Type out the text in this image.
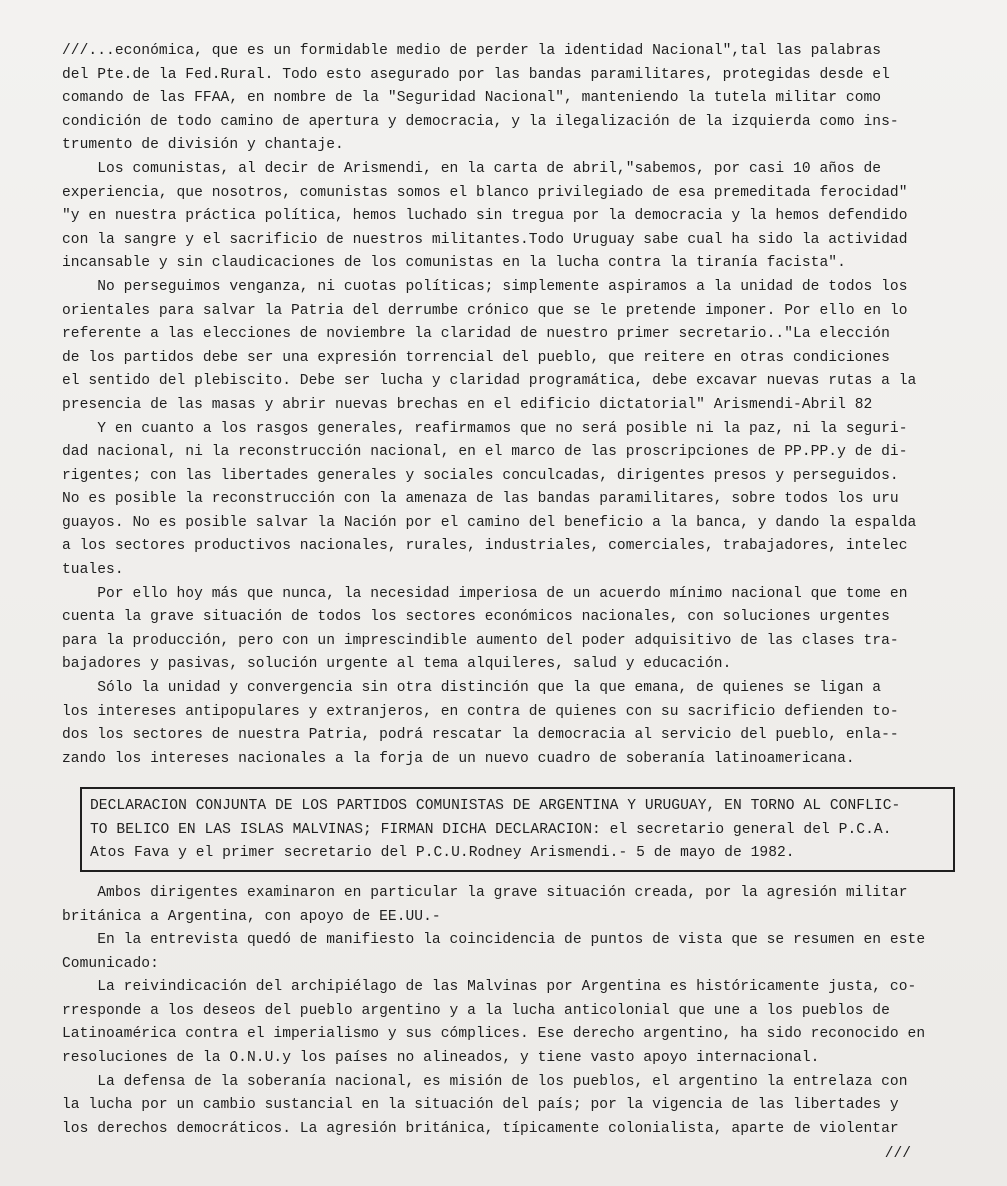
///...económica, que es un formidable medio de perder la identidad Nacional",tal las palabras
del Pte.de la Fed.Rural. Todo esto asegurado por las bandas paramilitares, protegidas desde el
comando de las FFAA, en nombre de la "Seguridad Nacional", manteniendo la tutela militar como
condición de todo camino de apertura y democracia, y la ilegalización de la izquierda como ins-
trumento de división y chantaje.
Los comunistas, al decir de Arismendi, en la carta de abril,"sabemos, por casi 10 años de
experiencia, que nosotros, comunistas somos el blanco privilegiado de esa premeditada ferocidad"
"y en nuestra práctica política, hemos luchado sin tregua por la democracia y la hemos defendido
con la sangre y el sacrificio de nuestros militantes.Todo Uruguay sabe cual ha sido la actividad
incansable y sin claudicaciones de los comunistas en la lucha contra la tiranía facista".
No perseguimos venganza, ni cuotas políticas; simplemente aspiramos a la unidad de todos los
orientales para salvar la Patria del derrumbe crónico que se le pretende imponer. Por ello en lo
referente a las elecciones de noviembre la claridad de nuestro primer secretario.."La elección
de los partidos debe ser una expresión torrencial del pueblo, que reitere en otras condiciones
el sentido del plebiscito. Debe ser lucha y claridad programática, debe excavar nuevas rutas a la
presencia de las masas y abrir nuevas brechas en el edificio dictatorial" Arismendi-Abril 82
Y en cuanto a los rasgos generales, reafirmamos que no será posible ni la paz, ni la seguri-
dad nacional, ni la reconstrucción nacional, en el marco de las proscripciones de PP.PP.y de di-
rigentes; con las libertades generales y sociales conculcadas, dirigentes presos y perseguidos.
No es posible la reconstrucción con la amenaza de las bandas paramilitares, sobre todos los uru
guayos. No es posible salvar la Nación por el camino del beneficio a la banca, y dando la espalda
a los sectores productivos nacionales, rurales, industriales, comerciales, trabajadores, intelec
tuales.
Por ello hoy más que nunca, la necesidad imperiosa de un acuerdo mínimo nacional que tome en
cuenta la grave situación de todos los sectores económicos nacionales, con soluciones urgentes
para la producción, pero con un imprescindible aumento del poder adquisitivo de las clases tra-
bajadores y pasivas, solución urgente al tema alquileres, salud y educación.
Sólo la unidad y convergencia sin otra distinción que la que emana, de quienes se ligan a
los intereses antipopulares y extranjeros, en contra de quienes con su sacrificio defienden to-
dos los sectores de nuestra Patria, podrá rescatar la democracia al servicio del pueblo, enla--
zando los intereses nacionales a la forja de un nuevo cuadro de soberanía latinoamericana.
DECLARACION CONJUNTA DE LOS PARTIDOS COMUNISTAS DE ARGENTINA Y URUGUAY, EN TORNO AL CONFLIC-
TO BELICO EN LAS ISLAS MALVINAS; FIRMAN DICHA DECLARACION: el secretario general del P.C.A.
Atos Fava y el primer secretario del P.C.U.Rodney Arismendi.- 5 de mayo de 1982.
Ambos dirigentes examinaron en particular la grave situación creada, por la agresión militar
británica a Argentina, con apoyo de EE.UU.-
En la entrevista quedó de manifiesto la coincidencia de puntos de vista que se resumen en este
Comunicado:
La reivindicación del archipiélago de las Malvinas por Argentina es históricamente justa, co-
rresponde a los deseos del pueblo argentino y a la lucha anticolonial que une a los pueblos de
Latinoamérica contra el imperialismo y sus cómplices. Ese derecho argentino, ha sido reconocido en
resoluciones de la O.N.U.y los países no alineados, y tiene vasto apoyo internacional.
La defensa de la soberanía nacional, es misión de los pueblos, el argentino la entrelaza con
la lucha por un cambio sustancial en la situación del país; por la vigencia de las libertades y
los derechos democráticos. La agresión británica, típicamente colonialista, aparte de violentar
///
